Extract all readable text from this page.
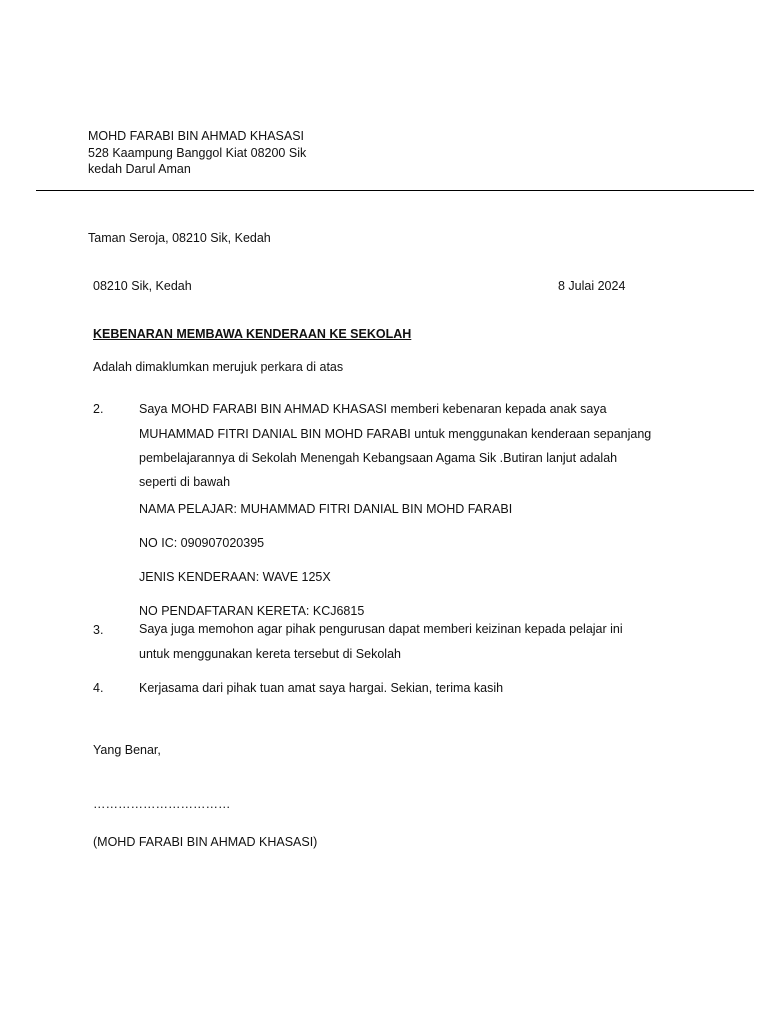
MOHD FARABI BIN AHMAD KHASASI
528 Kaampung Banggol Kiat 08200 Sik
kedah Darul Aman
Taman Seroja, 08210 Sik, Kedah
08210 Sik, Kedah	8 Julai 2024
KEBENARAN MEMBAWA KENDERAAN KE SEKOLAH
Adalah dimaklumkan merujuk perkara di atas
2.	Saya MOHD FARABI BIN AHMAD KHASASI memberi kebenaran kepada anak saya
MUHAMMAD FITRI DANIAL BIN MOHD FARABI untuk menggunakan kenderaan sepanjang
pembelajarannya di Sekolah Menengah Kebangsaan Agama Sik .Butiran lanjut adalah
seperti di bawah
NAMA PELAJAR: MUHAMMAD FITRI DANIAL BIN MOHD FARABI
NO IC: 090907020395
JENIS KENDERAAN: WAVE 125X
NO PENDAFTARAN KERETA: KCJ6815
3.	Saya juga memohon agar pihak pengurusan dapat memberi keizinan kepada pelajar ini
untuk menggunakan kereta tersebut di Sekolah
4.	Kerjasama dari pihak tuan amat saya hargai. Sekian, terima kasih
Yang Benar,
……………………………
(MOHD FARABI BIN AHMAD KHASASI)
